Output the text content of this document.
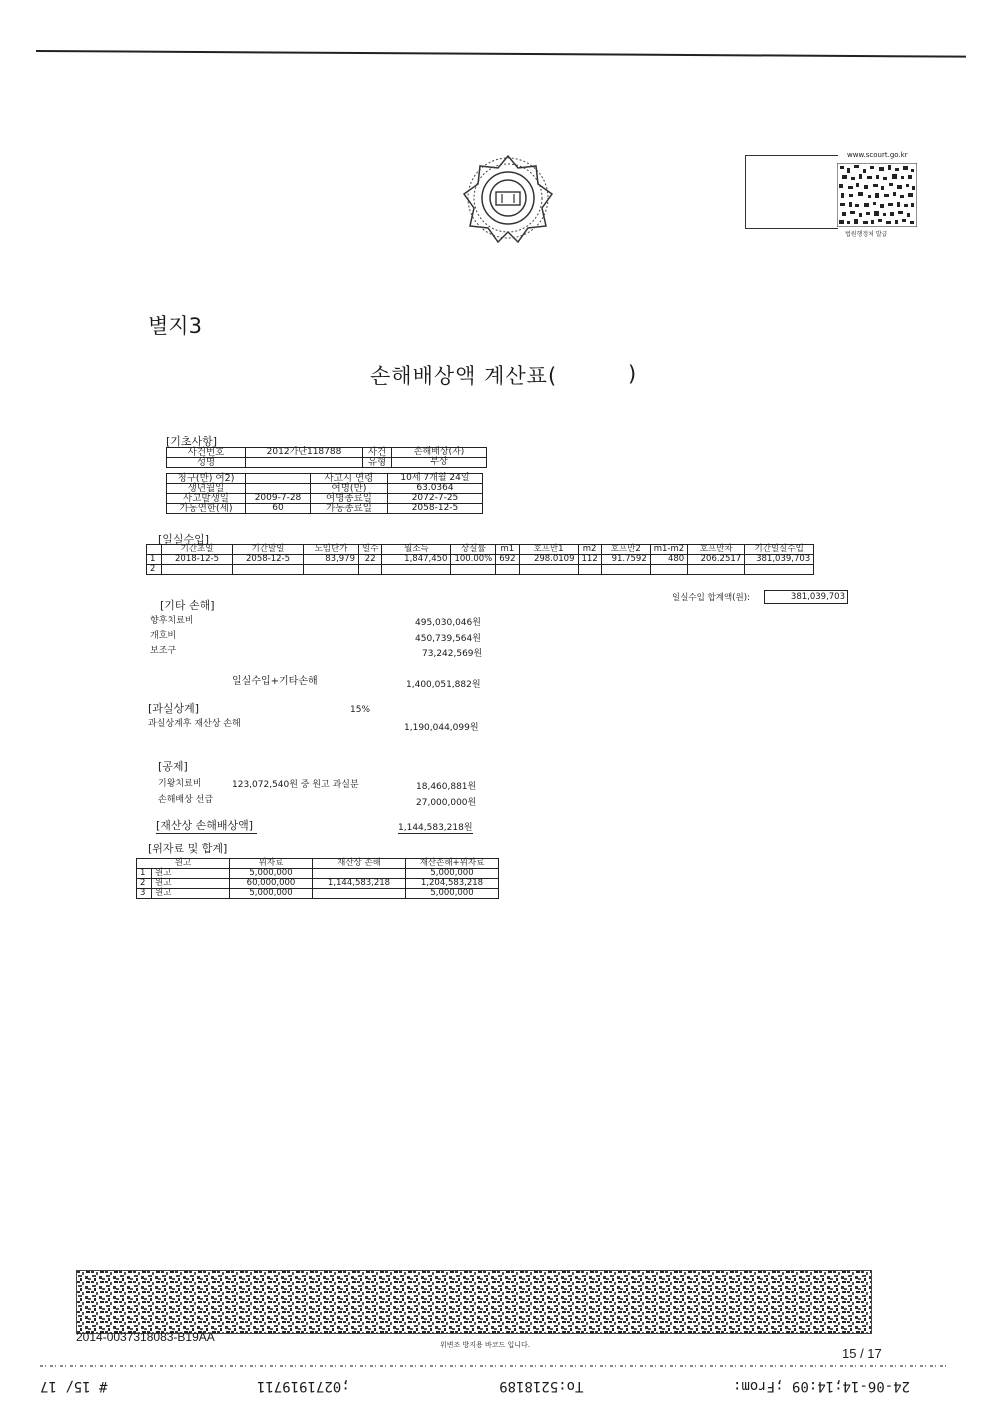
www.scourt.go.kr
법원행정처 발급
별지3
손해배상액 계산표(	)
[기초사항]
사건번호	2012가단118788	사건	손해배상(자)
성명		유형	부상
청구(만) 여2)		사고시 연령	10세 7개월 24일
생년월일		여명(만)	63.0364
사고발생일	2009-7-28	여명종료일	2072-7-25
가동연한(세)	60	가동종료일	2058-12-5
[일실수입]
	기간초일	기간말일	노임단가	일수	월소득	상실률	m1	호프만1	m2	호프만2	m1-m2	호프만차	기간일실수입
1	2018-12-5	2058-12-5	83,979	22	1,847,450	100.00%	692	298.0109	112	91.7592	480	206.2517	381,039,703
2													
일실수입 합계액(원):	381,039,703
[기타 손해]
향후치료비	495,030,046원
개호비	450,739,564원
보조구	73,242,569원
일실수입+기타손해	1,400,051,882원
[과실상계]	15%
과실상계후 재산상 손해	1,190,044,099원
[공제]
기왕치료비	123,072,540원 중 원고 과실분	18,460,881원
손해배상 선급	27,000,000원
[재산상 손해배상액]	1,144,583,218원
[위자료 및 합계]
원고		위자료	재산상 손해	재산손해+위자료
1	원고	5,000,000		5,000,000
2	원고	60,000,000	1,144,583,218	1,204,583,218
3	원고	5,000,000		5,000,000
2014-0037318083-B19AA
위변조 방지용 바코드 입니다.
15 / 17
24-06-14;14:09 ;From:
To:5218189
;0271919711
# 15/ 17
